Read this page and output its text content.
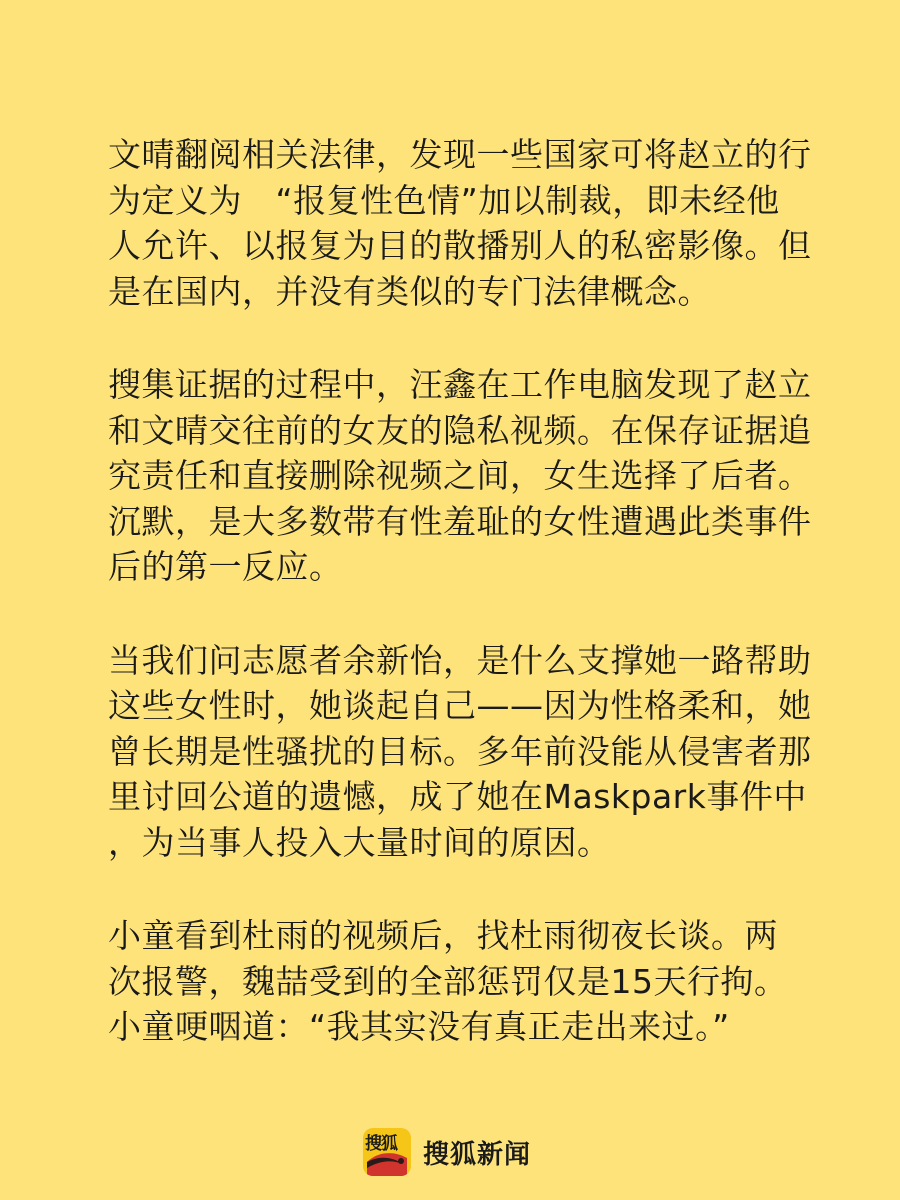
文晴翻阅相关法律，发现一些国家可将赵立的行
为定义为　“报复性色情”加以制裁，即未经他
人允许、以报复为目的散播别人的私密影像。但
是在国内，并没有类似的专门法律概念。
搜集证据的过程中，汪鑫在工作电脑发现了赵立
和文晴交往前的女友的隐私视频。在保存证据追
究责任和直接删除视频之间，女生选择了后者。
沉默，是大多数带有性羞耻的女性遭遇此类事件
后的第一反应。
当我们问志愿者余新怡，是什么支撑她一路帮助
这些女性时，她谈起自己——因为性格柔和，她
曾长期是性骚扰的目标。多年前没能从侵害者那
里讨回公道的遗憾，成了她在Maskpark事件中
，为当事人投入大量时间的原因。
小童看到杜雨的视频后，找杜雨彻夜长谈。两
次报警，魏喆受到的全部惩罚仅是15天行拘。
小童哽咽道：“我其实没有真正走出来过。”
搜狐 搜狐新闻
